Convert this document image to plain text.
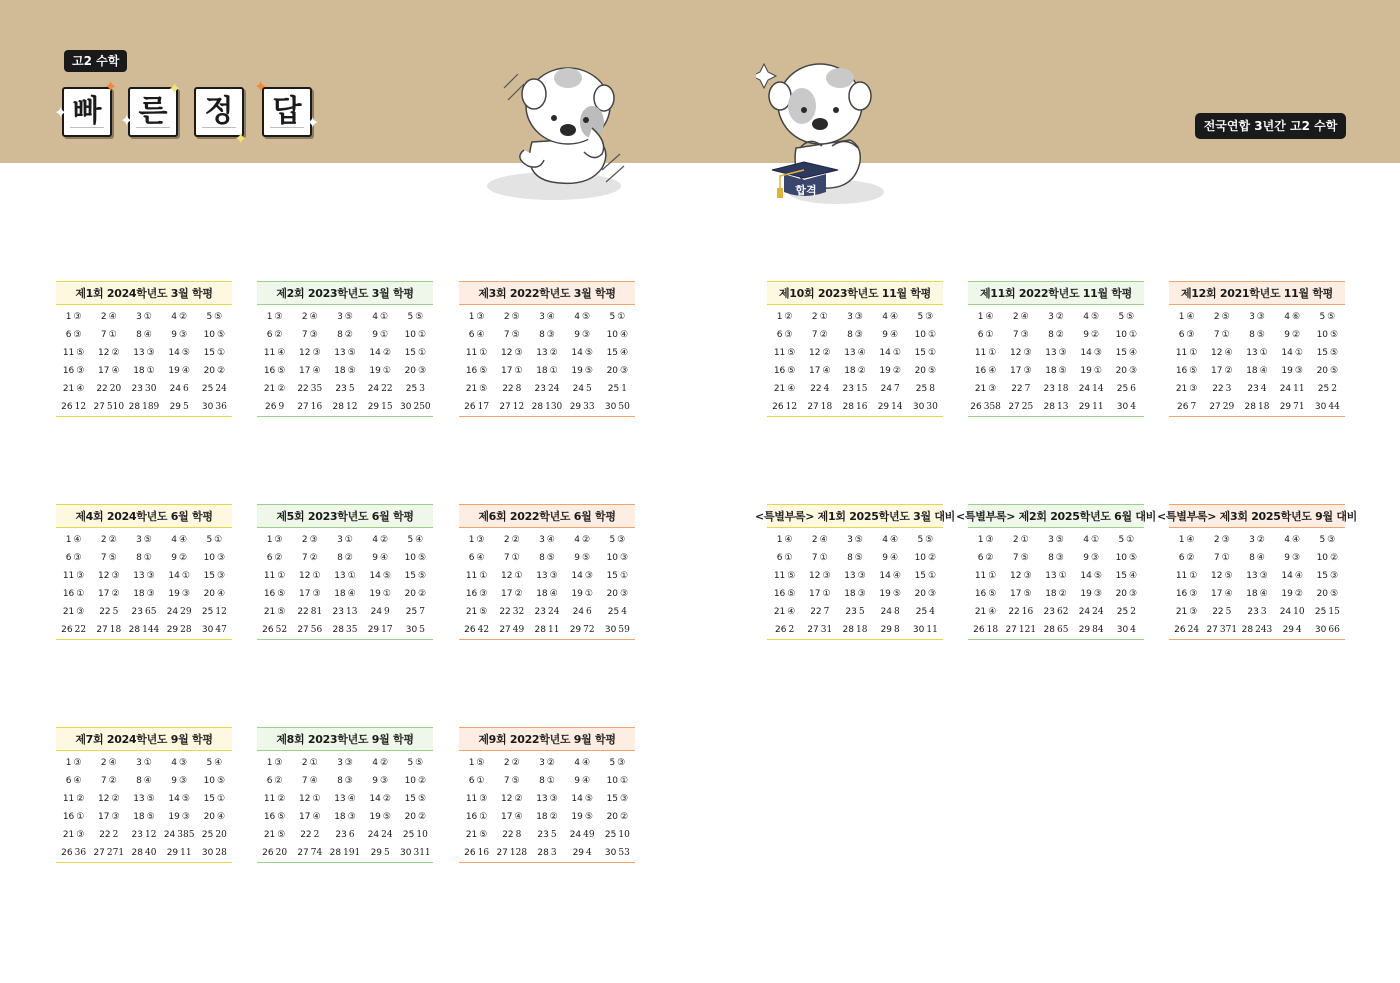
고2 수학
빠	른	정	답
✦
✦
✦
✦
✦
✦
✦	전국연합 3년간 고2 수학
합격
제1회 2024학년도 3월 학평
1 ③ 2 ④ 3 ① 4 ② 5 ⑤
6 ③ 7 ① 8 ④ 9 ③ 10 ⑤
11 ⑤ 12 ② 13 ③ 14 ⑤ 15 ①
16 ③ 17 ④ 18 ① 19 ④ 20 ②
21 ④ 22 20 23 30 24 6 25 24
26 12 27 510 28 189 29 5 30 36
제2회 2023학년도 3월 학평
1 ③ 2 ④ 3 ⑤ 4 ① 5 ⑤
6 ② 7 ③ 8 ② 9 ① 10 ①
11 ④ 12 ③ 13 ⑤ 14 ② 15 ①
16 ⑤ 17 ④ 18 ⑤ 19 ① 20 ③
21 ② 22 35 23 5 24 22 25 3
26 9 27 16 28 12 29 15 30 250
제3회 2022학년도 3월 학평
1 ③ 2 ⑤ 3 ④ 4 ⑤ 5 ①
6 ④ 7 ⑤ 8 ③ 9 ③ 10 ④
11 ① 12 ③ 13 ② 14 ⑤ 15 ④
16 ⑤ 17 ① 18 ① 19 ⑤ 20 ③
21 ⑤ 22 8 23 24 24 5 25 1
26 17 27 12 28 130 29 33 30 50
제4회 2024학년도 6월 학평
1 ④ 2 ② 3 ⑤ 4 ④ 5 ①
6 ③ 7 ⑤ 8 ① 9 ② 10 ③
11 ③ 12 ③ 13 ③ 14 ① 15 ③
16 ① 17 ② 18 ③ 19 ③ 20 ④
21 ③ 22 5 23 65 24 29 25 12
26 22 27 18 28 144 29 28 30 47
제5회 2023학년도 6월 학평
1 ③ 2 ③ 3 ① 4 ② 5 ④
6 ② 7 ② 8 ② 9 ④ 10 ⑤
11 ① 12 ① 13 ① 14 ⑤ 15 ⑤
16 ⑤ 17 ③ 18 ④ 19 ① 20 ②
21 ⑤ 22 81 23 13 24 9 25 7
26 52 27 56 28 35 29 17 30 5
제6회 2022학년도 6월 학평
1 ③ 2 ② 3 ④ 4 ② 5 ③
6 ④ 7 ① 8 ⑤ 9 ⑤ 10 ③
11 ① 12 ① 13 ③ 14 ③ 15 ①
16 ③ 17 ② 18 ④ 19 ① 20 ③
21 ⑤ 22 32 23 24 24 6 25 4
26 42 27 49 28 11 29 72 30 59
제7회 2024학년도 9월 학평
1 ③ 2 ④ 3 ① 4 ③ 5 ④
6 ④ 7 ② 8 ④ 9 ③ 10 ⑤
11 ② 12 ② 13 ⑤ 14 ⑤ 15 ①
16 ① 17 ③ 18 ⑤ 19 ③ 20 ④
21 ③ 22 2 23 12 24 385 25 20
26 36 27 271 28 40 29 11 30 28
제8회 2023학년도 9월 학평
1 ③ 2 ① 3 ③ 4 ② 5 ⑤
6 ② 7 ④ 8 ③ 9 ③ 10 ②
11 ② 12 ① 13 ④ 14 ② 15 ⑤
16 ⑤ 17 ④ 18 ③ 19 ⑤ 20 ②
21 ⑤ 22 2 23 6 24 24 25 10
26 20 27 74 28 191 29 5 30 311
제9회 2022학년도 9월 학평
1 ⑤ 2 ② 3 ② 4 ④ 5 ③
6 ① 7 ⑤ 8 ① 9 ④ 10 ①
11 ③ 12 ② 13 ③ 14 ⑤ 15 ③
16 ① 17 ④ 18 ② 19 ⑤ 20 ②
21 ⑤ 22 8 23 5 24 49 25 10
26 16 27 128 28 3 29 4 30 53
제10회 2023학년도 11월 학평
1 ② 2 ① 3 ③ 4 ④ 5 ③
6 ③ 7 ② 8 ③ 9 ④ 10 ①
11 ⑤ 12 ② 13 ④ 14 ① 15 ①
16 ⑤ 17 ④ 18 ② 19 ② 20 ⑤
21 ④ 22 4 23 15 24 7 25 8
26 12 27 18 28 16 29 14 30 30
제11회 2022학년도 11월 학평
1 ④ 2 ④ 3 ② 4 ⑤ 5 ⑤
6 ① 7 ③ 8 ② 9 ② 10 ①
11 ① 12 ③ 13 ③ 14 ③ 15 ④
16 ④ 17 ③ 18 ⑤ 19 ① 20 ③
21 ③ 22 7 23 18 24 14 25 6
26 358 27 25 28 13 29 11 30 4
제12회 2021학년도 11월 학평
1 ④ 2 ⑤ 3 ③ 4 ⑥ 5 ⑤
6 ③ 7 ① 8 ⑤ 9 ② 10 ⑤
11 ① 12 ④ 13 ① 14 ① 15 ⑤
16 ⑤ 17 ② 18 ④ 19 ③ 20 ⑤
21 ③ 22 3 23 4 24 11 25 2
26 7 27 29 28 18 29 71 30 44
<특별부록> 제1회 2025학년도 3월 대비
1 ④ 2 ④ 3 ⑤ 4 ④ 5 ⑤
6 ① 7 ① 8 ⑤ 9 ④ 10 ②
11 ⑤ 12 ③ 13 ③ 14 ④ 15 ①
16 ⑤ 17 ① 18 ③ 19 ⑤ 20 ③
21 ④ 22 7 23 5 24 8 25 4
26 2 27 31 28 18 29 8 30 11
<특별부록> 제2회 2025학년도 6월 대비
1 ③ 2 ① 3 ⑤ 4 ① 5 ①
6 ② 7 ⑤ 8 ③ 9 ③ 10 ⑤
11 ① 12 ③ 13 ① 14 ⑤ 15 ④
16 ⑤ 17 ⑤ 18 ② 19 ③ 20 ③
21 ④ 22 16 23 62 24 24 25 2
26 18 27 121 28 65 29 84 30 4
<특별부록> 제3회 2025학년도 9월 대비
1 ④ 2 ③ 3 ② 4 ④ 5 ③
6 ② 7 ① 8 ④ 9 ③ 10 ②
11 ① 12 ⑤ 13 ③ 14 ④ 15 ③
16 ③ 17 ④ 18 ④ 19 ② 20 ⑤
21 ③ 22 5 23 3 24 10 25 15
26 24 27 371 28 243 29 4 30 66
